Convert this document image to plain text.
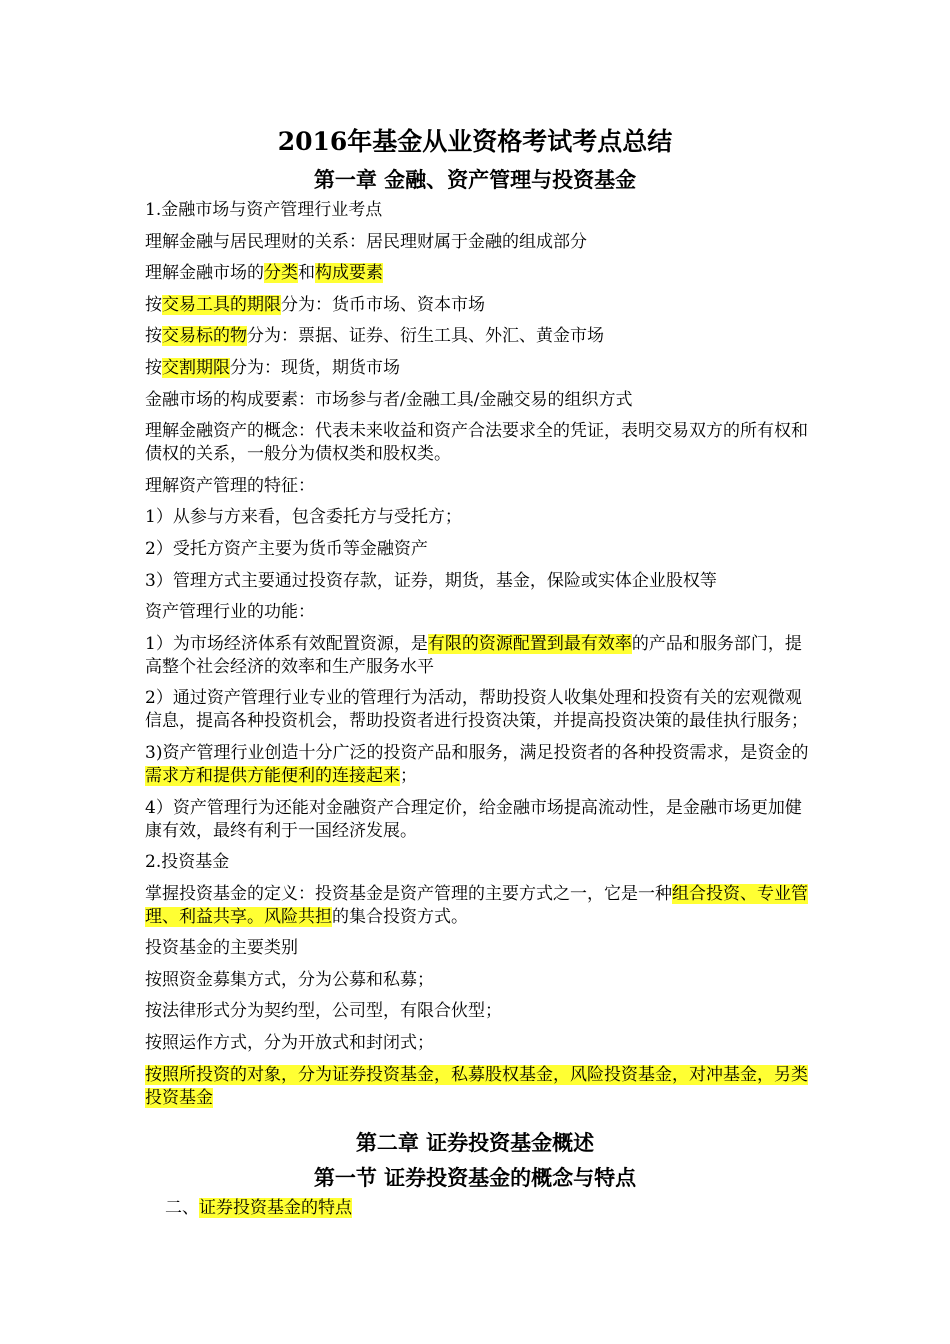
2016年基金从业资格考试考点总结
第一章 金融、资产管理与投资基金
1.金融市场与资产管理行业考点
理解金融与居民理财的关系：居民理财属于金融的组成部分
理解金融市场的分类和构成要素
按交易工具的期限分为：货币市场、资本市场
按交易标的物分为：票据、证券、衍生工具、外汇、黄金市场
按交割期限分为：现货，期货市场
金融市场的构成要素：市场参与者/金融工具/金融交易的组织方式
理解金融资产的概念：代表未来收益和资产合法要求全的凭证，表明交易双方的所有权和债权的关系，一般分为债权类和股权类。
理解资产管理的特征：
1）从参与方来看，包含委托方与受托方；
2）受托方资产主要为货币等金融资产
3）管理方式主要通过投资存款，证券，期货，基金，保险或实体企业股权等
资产管理行业的功能：
1）为市场经济体系有效配置资源，是有限的资源配置到最有效率的产品和服务部门，提高整个社会经济的效率和生产服务水平
2）通过资产管理行业专业的管理行为活动，帮助投资人收集处理和投资有关的宏观微观信息，提高各种投资机会，帮助投资者进行投资决策，并提高投资决策的最佳执行服务；
3)资产管理行业创造十分广泛的投资产品和服务，满足投资者的各种投资需求，是资金的需求方和提供方能便利的连接起来；
4）资产管理行为还能对金融资产合理定价，给金融市场提高流动性，是金融市场更加健康有效，最终有利于一国经济发展。
2.投资基金
掌握投资基金的定义：投资基金是资产管理的主要方式之一，它是一种组合投资、专业管理、利益共享。风险共担的集合投资方式。
投资基金的主要类别
按照资金募集方式，分为公募和私募；
按法律形式分为契约型，公司型，有限合伙型；
按照运作方式，分为开放式和封闭式；
按照所投资的对象，分为证券投资基金，私募股权基金，风险投资基金，对冲基金，另类投资基金
第二章 证券投资基金概述
第一节 证券投资基金的概念与特点
二、证券投资基金的特点
